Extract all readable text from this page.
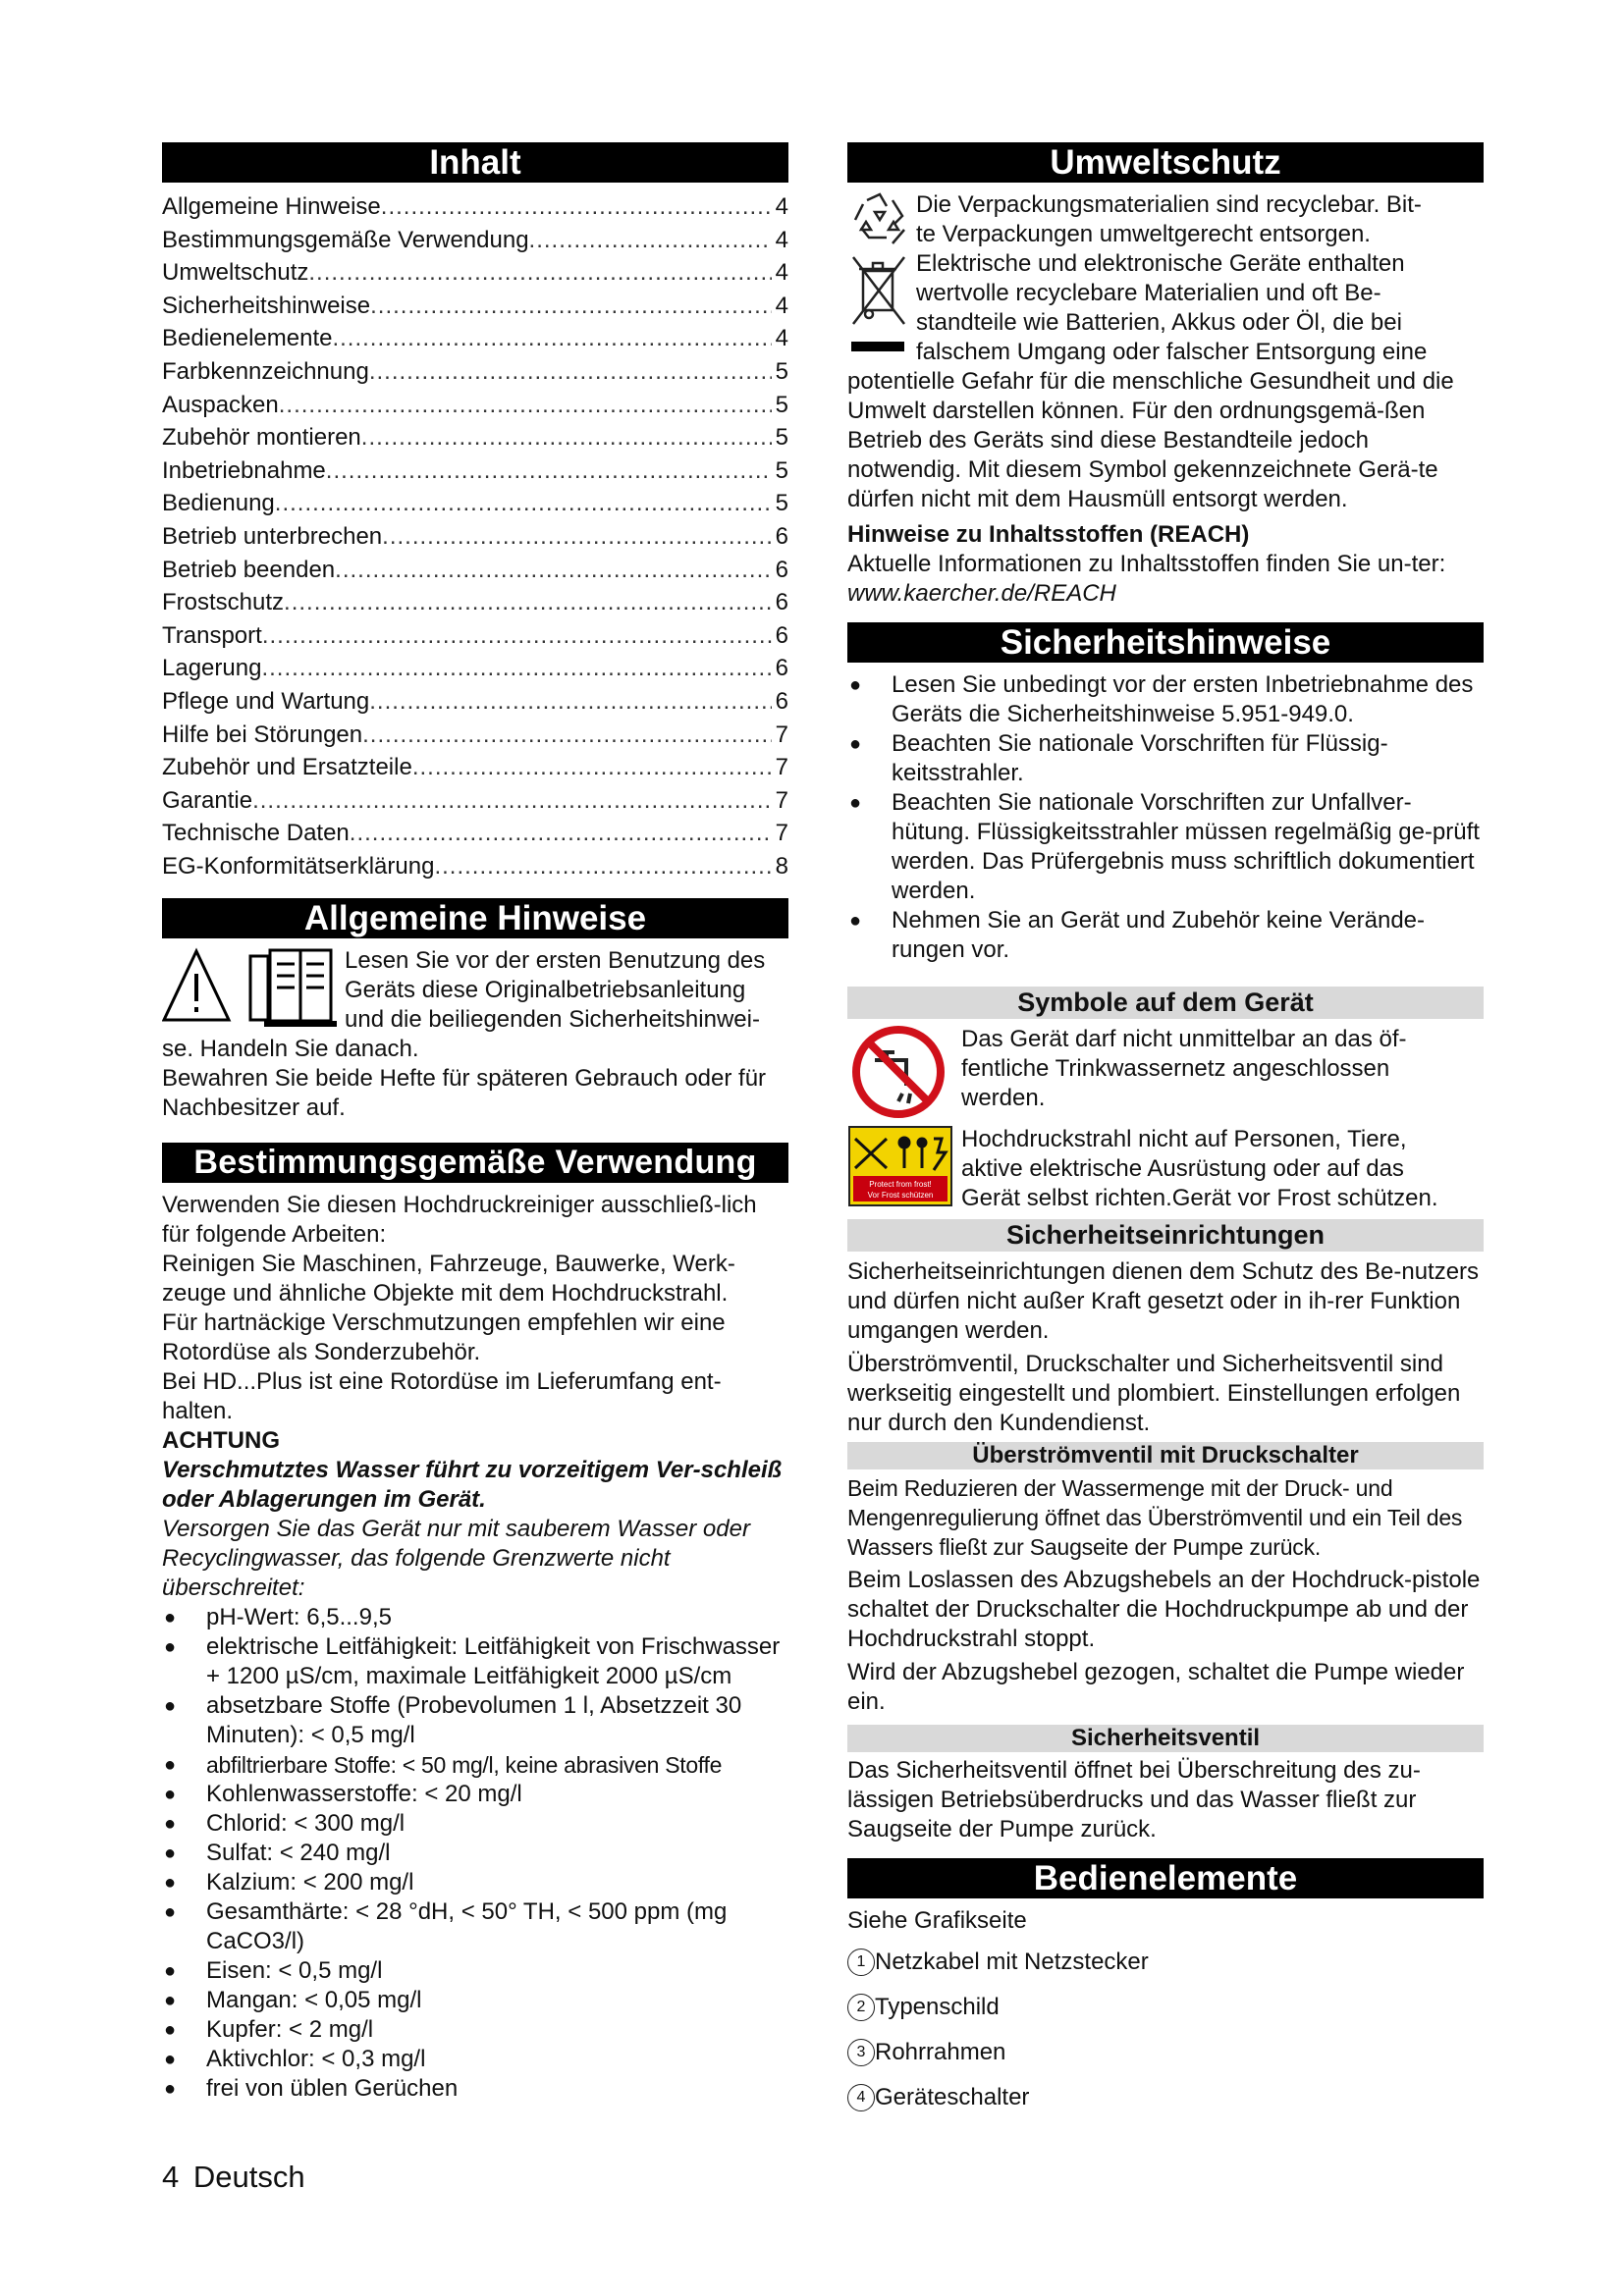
Inhalt
Allgemeine Hinweise .....	4
Bestimmungsgemäße Verwendung .....	4
Umweltschutz .....	4
Sicherheitshinweise .....	4
Bedienelemente .....	4
Farbkennzeichnung .....	5
Auspacken .....	5
Zubehör montieren .....	5
Inbetriebnahme .....	5
Bedienung .....	5
Betrieb unterbrechen .....	6
Betrieb beenden .....	6
Frostschutz .....	6
Transport .....	6
Lagerung .....	6
Pflege und Wartung .....	6
Hilfe bei Störungen .....	7
Zubehör und Ersatzteile .....	7
Garantie .....	7
Technische Daten .....	7
EG-Konformitätserklärung .....	8
Allgemeine Hinweise

Lesen Sie vor der ersten Benutzung des

Geräts diese Originalbetriebsanleitung

und die beiliegenden Sicherheitshinwei-

se. Handeln Sie danach.

Bewahren Sie beide Hefte für späteren Gebrauch oder für Nachbesitzer auf.

Bestimmungsgemäße Verwendung

Verwenden Sie diesen Hochdruckreiniger ausschließ-lich für folgende Arbeiten:

Reinigen Sie Maschinen, Fahrzeuge, Bauwerke, Werk-zeuge und ähnliche Objekte mit dem Hochdruckstrahl.

Für hartnäckige Verschmutzungen empfehlen wir eine Rotordüse als Sonderzubehör.

Bei HD...Plus ist eine Rotordüse im Lieferumfang ent-halten.

ACHTUNG

Verschmutztes Wasser führt zu vorzeitigem Ver-schleiß oder Ablagerungen im Gerät.

Versorgen Sie das Gerät nur mit sauberem Wasser oder Recyclingwasser, das folgende Grenzwerte nicht überschreitet:

● pH-Wert: 6,5...9,5
● elektrische Leitfähigkeit: Leitfähigkeit von Frischwasser + 1200 µS/cm, maximale Leitfähigkeit 2000 µS/cm
● absetzbare Stoffe (Probevolumen 1 l, Absetzzeit 30 Minuten): < 0,5 mg/l
● abfiltrierbare Stoffe: < 50 mg/l, keine abrasiven Stoffe
● Kohlenwasserstoffe: < 20 mg/l
● Chlorid: < 300 mg/l
● Sulfat: < 240 mg/l
● Kalzium: < 200 mg/l
● Gesamthärte: < 28 °dH, < 50° TH, < 500 ppm (mg CaCO3/l)
● Eisen: < 0,5 mg/l
● Mangan: < 0,05 mg/l
● Kupfer: < 2 mg/l
● Aktivchlor: < 0,3 mg/l
● frei von üblen Gerüchen
Umweltschutz

Die Verpackungsmaterialien sind recyclebar. Bit-

te Verpackungen umweltgerecht entsorgen.

Elektrische und elektronische Geräte enthalten

wertvolle recyclebare Materialien und oft Be-

standteile wie Batterien, Akkus oder Öl, die bei

falschem Umgang oder falscher Entsorgung eine

potentielle Gefahr für die menschliche Gesundheit und die Umwelt darstellen können. Für den ordnungsgemä-ßen Betrieb des Geräts sind diese Bestandteile jedoch notwendig. Mit diesem Symbol gekennzeichnete Gerä-te dürfen nicht mit dem Hausmüll entsorgt werden.

Hinweise zu Inhaltsstoffen (REACH)

Aktuelle Informationen zu Inhaltsstoffen finden Sie un-ter: www.kaercher.de/REACH

Sicherheitshinweise
● Lesen Sie unbedingt vor der ersten Inbetriebnahme des Geräts die Sicherheitshinweise 5.951-949.0.
● Beachten Sie nationale Vorschriften für Flüssig-keitsstrahler.
● Beachten Sie nationale Vorschriften zur Unfallver-hütung. Flüssigkeitsstrahler müssen regelmäßig ge-prüft werden. Das Prüfergebnis muss schriftlich dokumentiert werden.
● Nehmen Sie an Gerät und Zubehör keine Verände-rungen vor.
Symbole auf dem Gerät

Das Gerät darf nicht unmittelbar an das öf-

fentliche Trinkwassernetz angeschlossen

werden.

Protect from frost!
Vor Frost schützen

Hochdruckstrahl nicht auf Personen, Tiere,

aktive elektrische Ausrüstung oder auf das

Gerät selbst richten.Gerät vor Frost schützen.

Sicherheitseinrichtungen

Sicherheitseinrichtungen dienen dem Schutz des Be-nutzers und dürfen nicht außer Kraft gesetzt oder in ih-rer Funktion umgangen werden.

Überströmventil, Druckschalter und Sicherheitsventil sind werkseitig eingestellt und plombiert. Einstellungen erfolgen nur durch den Kundendienst.

Überströmventil mit Druckschalter

Beim Reduzieren der Wassermenge mit der Druck- und Mengenregulierung öffnet das Überströmventil und ein Teil des Wassers fließt zur Saugseite der Pumpe zurück.

Beim Loslassen des Abzugshebels an der Hochdruck-pistole schaltet der Druckschalter die Hochdruckpumpe ab und der Hochdruckstrahl stoppt.

Wird der Abzugshebel gezogen, schaltet die Pumpe wieder ein.

Sicherheitsventil

Das Sicherheitsventil öffnet bei Überschreitung des zu-lässigen Betriebsüberdrucks und das Wasser fließt zur Saugseite der Pumpe zurück.

Bedienelemente

Siehe Grafikseite

1 Netzkabel mit Netzstecker
2 Typenschild
3 Rohrrahmen
4 Geräteschalter
4 Deutsch
